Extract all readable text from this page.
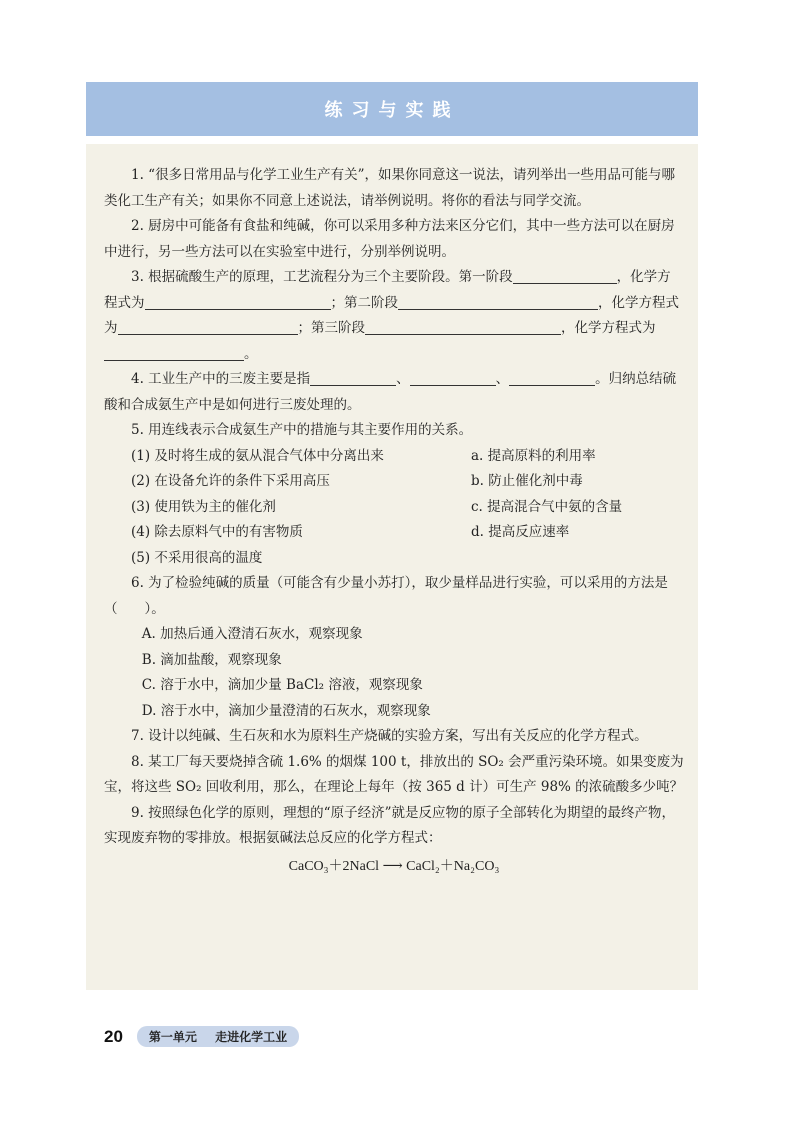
练习与实践

1. “很多日常用品与化学工业生产有关”，如果你同意这一说法，请列举出一些用品可能与哪类化工生产有关；如果你不同意上述说法，请举例说明。将你的看法与同学交流。

2. 厨房中可能备有食盐和纯碱，你可以采用多种方法来区分它们，其中一些方法可以在厨房中进行，另一些方法可以在实验室中进行，分别举例说明。

3. 根据硫酸生产的原理，工艺流程分为三个主要阶段。第一阶段	，化学方程式为	；第二阶段	，化学方程式为	；第三阶段	，化学方程式为。

4. 工业生产中的三废主要是指	、	、	。归纳总结硫酸和合成氨生产中是如何进行三废处理的。

5. 用连线表示合成氨生产中的措施与其主要作用的关系。

(1) 及时将生成的氨从混合气体中分离出来	a. 提高原料的利用率
(2) 在设备允许的条件下采用高压	b. 防止催化剂中毒
(3) 使用铁为主的催化剂	c. 提高混合气中氨的含量
(4) 除去原料气中的有害物质	d. 提高反应速率
(5) 不采用很高的温度

6. 为了检验纯碱的质量（可能含有少量小苏打），取少量样品进行实验，可以采用的方法是（　　）。

A. 加热后通入澄清石灰水，观察现象
B. 滴加盐酸，观察现象
C. 溶于水中，滴加少量 BaCl₂ 溶液，观察现象
D. 溶于水中，滴加少量澄清的石灰水，观察现象

7. 设计以纯碱、生石灰和水为原料生产烧碱的实验方案，写出有关反应的化学方程式。

8. 某工厂每天要烧掉含硫 1.6% 的烟煤 100 t，排放出的 SO₂ 会严重污染环境。如果变废为宝，将这些 SO₂ 回收利用，那么，在理论上每年（按 365 d 计）可生产 98% 的浓硫酸多少吨？

9. 按照绿色化学的原则，理想的“原子经济”就是反应物的原子全部转化为期望的最终产物，实现废弃物的零排放。根据氨碱法总反应的化学方程式：

CaCO₃＋2NaCl ⟶ CaCl₂＋Na₂CO₃
20	第一单元 走进化学工业
